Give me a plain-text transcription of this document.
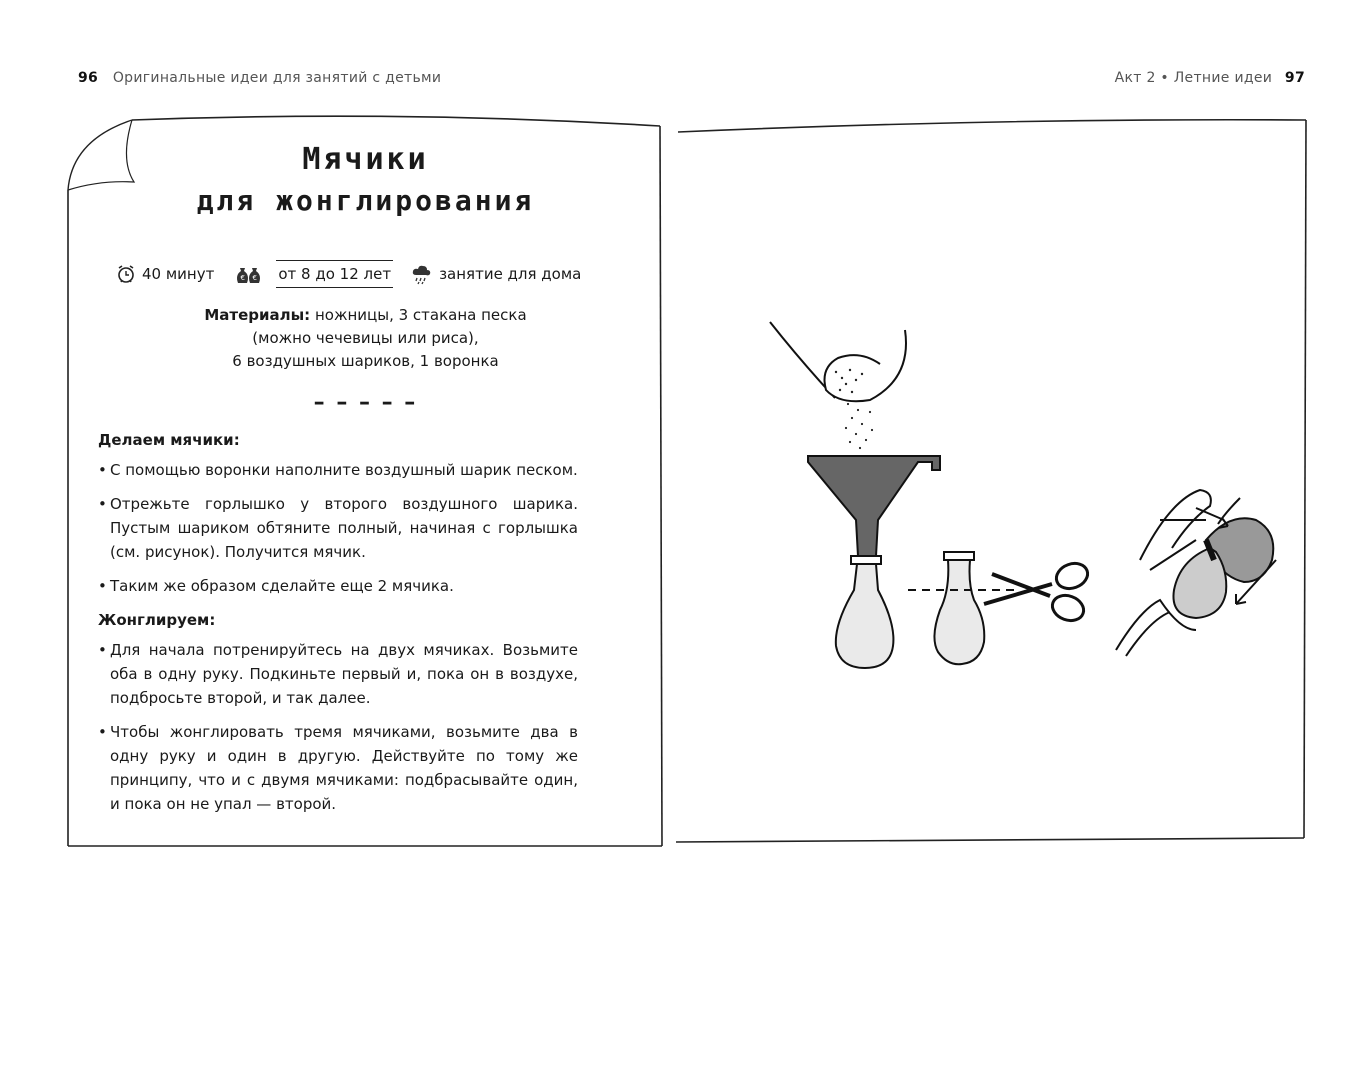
96 Оригинальные идеи для занятий с детьми	Акт 2 • Летние идеи 97
Мячики
для жонглирования
40 минут	€ € от 8 до 12 лет	занятие для дома
Материалы: ножницы, 3 стакана песка
(можно чечевицы или риса),
6 воздушных шариков, 1 воронка
– – – – –
Делаем мячики:
• С помощью воронки наполните воздушный шарик песком.
• Отрежьте горлышко у второго воздушного шарика. Пустым шариком обтяните полный, начиная с горлышка (см. рисунок). Получится мячик.
• Таким же образом сделайте еще 2 мячика.
Жонглируем:
• Для начала потренируйтесь на двух мячиках. Возьмите оба в одну руку. Подкиньте первый и, пока он в воздухе, подбросьте второй, и так далее.
• Чтобы жонглировать тремя мячиками, возьмите два в одну руку и один в другую. Действуйте по тому же принципу, что и с двумя мячиками: подбрасывайте один, и пока он не упал — второй.
